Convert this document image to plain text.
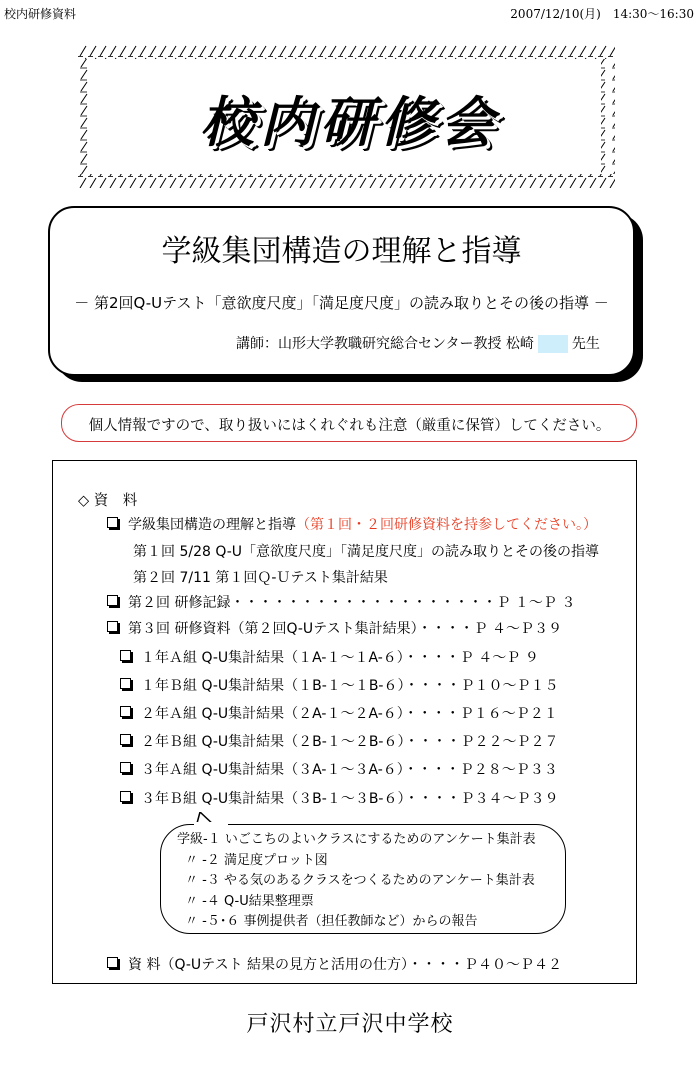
校内研修資料	2007/12/10(月)　14:30〜16:30
校内研修会
学級集団構造の理解と指導
－ 第2回Q-Uテスト「意欲度尺度」「満足度尺度」の読み取りとその後の指導 －
講師：山形大学教職研究総合センター教授 松崎	先生
個人情報ですので、取り扱いにはくれぐれも注意（厳重に保管）してください。
◇ 資　料
学級集団構造の理解と指導（第１回・２回研修資料を持参してください。）
第１回 5/28 Q-U「意欲度尺度」「満足度尺度」の読み取りとその後の指導
第２回 7/11 第１回Ｑ-Ｕテスト集計結果
第２回 研修記録・・・・・・・・・・・・・・・・・・・Ｐ １〜Ｐ ３
第３回 研修資料（第２回Q-Uテスト集計結果）・・・・Ｐ ４〜Ｐ３９
１年Ａ組 Q-U集計結果（１A-１〜１A-６）・・・・Ｐ ４〜Ｐ ９
１年Ｂ組 Q-U集計結果（１B-１〜１B-６）・・・・Ｐ１０〜Ｐ１５
２年Ａ組 Q-U集計結果（２A-１〜２A-６）・・・・Ｐ１６〜Ｐ２１
２年Ｂ組 Q-U集計結果（２B-１〜２B-６）・・・・Ｐ２２〜Ｐ２７
３年Ａ組 Q-U集計結果（３A-１〜３A-６）・・・・Ｐ２８〜Ｐ３３
３年Ｂ組 Q-U集計結果（３B-１〜３B-６）・・・・Ｐ３４〜Ｐ３９
学級-１ いごこちのよいクラスにするためのアンケート集計表
〃 -２ 満足度プロット図
〃 -３ やる気のあるクラスをつくるためのアンケート集計表
〃 -４ Q-U結果整理票
〃 -５･６ 事例提供者（担任教師など）からの報告
資 料（Q-Uテスト 結果の見方と活用の仕方）・・・・Ｐ４０〜Ｐ４２
戸沢村立戸沢中学校
